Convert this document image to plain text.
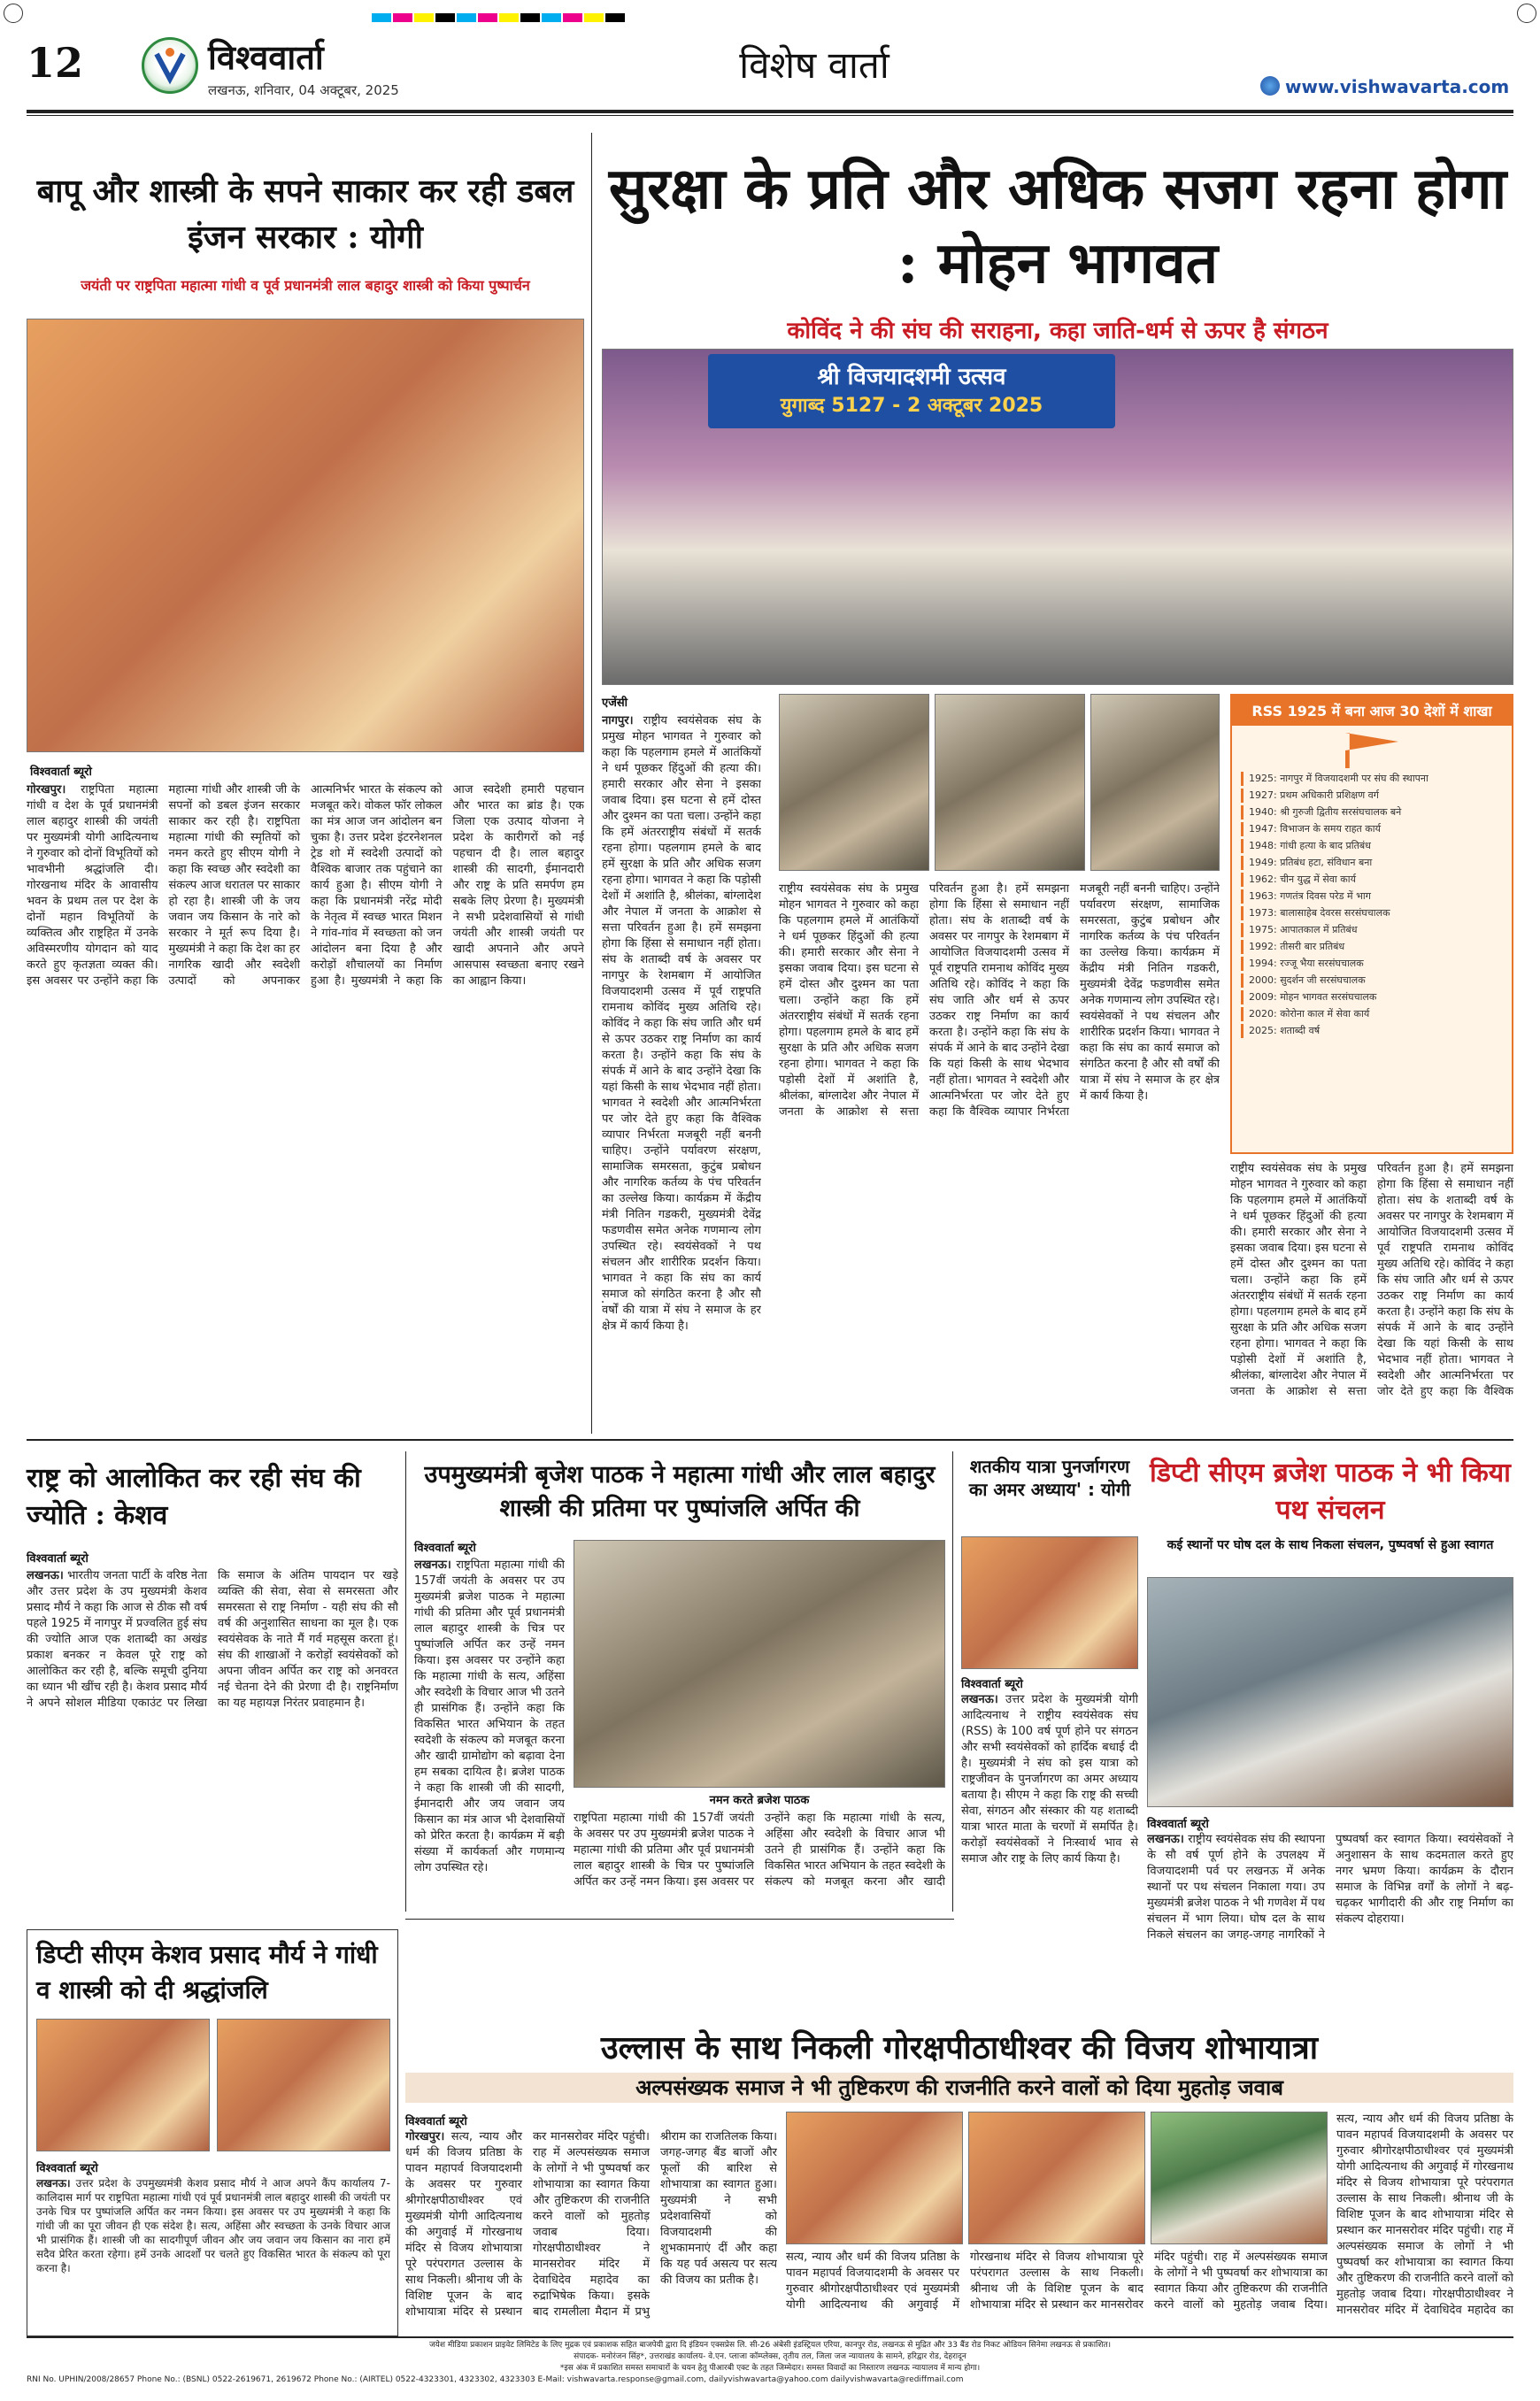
12	विश्ववार्ता
लखनऊ, शनिवार, 04 अक्टूबर, 2025
विशेष वार्ता	www.vishwavarta.com
बापू और शास्त्री के सपने साकार कर रही डबल इंजन सरकार : योगी
जयंती पर राष्ट्रपिता महात्मा गांधी व पूर्व प्रधानमंत्री लाल बहादुर शास्त्री को किया पुष्पार्चन
विश्ववार्ता ब्यूरो
गोरखपुर। राष्ट्रपिता महात्मा गांधी व देश के पूर्व प्रधानमंत्री लाल बहादुर शास्त्री की जयंती पर मुख्यमंत्री योगी आदित्यनाथ ने गुरुवार को दोनों विभूतियों को भावभीनी श्रद्धांजलि दी। गोरखनाथ मंदिर के आवासीय भवन के प्रथम तल पर देश के दोनों महान विभूतियों के व्यक्तित्व और राष्ट्रहित में उनके अविस्मरणीय योगदान को याद करते हुए कृतज्ञता व्यक्त की। इस अवसर पर उन्होंने कहा कि महात्मा गांधी और शास्त्री जी के सपनों को डबल इंजन सरकार साकार कर रही है। राष्ट्रपिता महात्मा गांधी की स्मृतियों को नमन करते हुए सीएम योगी ने कहा कि स्वच्छ और स्वदेशी का संकल्प आज धरातल पर साकार हो रहा है। शास्त्री जी के जय जवान जय किसान के नारे को सरकार ने मूर्त रूप दिया है। मुख्यमंत्री ने कहा कि देश का हर नागरिक खादी और स्वदेशी उत्पादों को अपनाकर आत्मनिर्भर भारत के संकल्प को मजबूत करे। वोकल फॉर लोकल का मंत्र आज जन आंदोलन बन चुका है। उत्तर प्रदेश इंटरनेशनल ट्रेड शो में स्वदेशी उत्पादों को वैश्विक बाजार तक पहुंचाने का कार्य हुआ है। सीएम योगी ने कहा कि प्रधानमंत्री नरेंद्र मोदी के नेतृत्व में स्वच्छ भारत मिशन ने गांव-गांव में स्वच्छता को जन आंदोलन बना दिया है और करोड़ों शौचालयों का निर्माण हुआ है। मुख्यमंत्री ने कहा कि आज स्वदेशी हमारी पहचान और भारत का ब्रांड है। एक जिला एक उत्पाद योजना ने प्रदेश के कारीगरों को नई पहचान दी है। लाल बहादुर शास्त्री की सादगी, ईमानदारी और राष्ट्र के प्रति समर्पण हम सबके लिए प्रेरणा है। मुख्यमंत्री ने सभी प्रदेशवासियों से गांधी जयंती और शास्त्री जयंती पर खादी अपनाने और अपने आसपास स्वच्छता बनाए रखने का आह्वान किया।
सुरक्षा के प्रति और अधिक सजग रहना होगा : मोहन भागवत
कोविंद ने की संघ की सराहना, कहा जाति-धर्म से ऊपर है संगठन
श्री विजयादशमी उत्सव
युगाब्द 5127 - 2 अक्टूबर 2025
एजेंसी
नागपुर। राष्ट्रीय स्वयंसेवक संघ के प्रमुख मोहन भागवत ने गुरुवार को कहा कि पहलगाम हमले में आतंकियों ने धर्म पूछकर हिंदुओं की हत्या की। हमारी सरकार और सेना ने इसका जवाब दिया। इस घटना से हमें दोस्त और दुश्मन का पता चला। उन्होंने कहा कि हमें अंतरराष्ट्रीय संबंधों में सतर्क रहना होगा। पहलगाम हमले के बाद हमें सुरक्षा के प्रति और अधिक सजग रहना होगा। भागवत ने कहा कि पड़ोसी देशों में अशांति है, श्रीलंका, बांग्लादेश और नेपाल में जनता के आक्रोश से सत्ता परिवर्तन हुआ है। हमें समझना होगा कि हिंसा से समाधान नहीं होता। संघ के शताब्दी वर्ष के अवसर पर नागपुर के रेशमबाग में आयोजित विजयादशमी उत्सव में पूर्व राष्ट्रपति रामनाथ कोविंद मुख्य अतिथि रहे। कोविंद ने कहा कि संघ जाति और धर्म से ऊपर उठकर राष्ट्र निर्माण का कार्य करता है। उन्होंने कहा कि संघ के संपर्क में आने के बाद उन्होंने देखा कि यहां किसी के साथ भेदभाव नहीं होता। भागवत ने स्वदेशी और आत्मनिर्भरता पर जोर देते हुए कहा कि वैश्विक व्यापार निर्भरता मजबूरी नहीं बननी चाहिए। उन्होंने पर्यावरण संरक्षण, सामाजिक समरसता, कुटुंब प्रबोधन और नागरिक कर्तव्य के पंच परिवर्तन का उल्लेख किया। कार्यक्रम में केंद्रीय मंत्री नितिन गडकरी, मुख्यमंत्री देवेंद्र फडणवीस समेत अनेक गणमान्य लोग उपस्थित रहे। स्वयंसेवकों ने पथ संचलन और शारीरिक प्रदर्शन किया। भागवत ने कहा कि संघ का कार्य समाज को संगठित करना है और सौ वर्षों की यात्रा में संघ ने समाज के हर क्षेत्र में कार्य किया है।
राष्ट्रीय स्वयंसेवक संघ के प्रमुख मोहन भागवत ने गुरुवार को कहा कि पहलगाम हमले में आतंकियों ने धर्म पूछकर हिंदुओं की हत्या की। हमारी सरकार और सेना ने इसका जवाब दिया। इस घटना से हमें दोस्त और दुश्मन का पता चला। उन्होंने कहा कि हमें अंतरराष्ट्रीय संबंधों में सतर्क रहना होगा। पहलगाम हमले के बाद हमें सुरक्षा के प्रति और अधिक सजग रहना होगा। भागवत ने कहा कि पड़ोसी देशों में अशांति है, श्रीलंका, बांग्लादेश और नेपाल में जनता के आक्रोश से सत्ता परिवर्तन हुआ है। हमें समझना होगा कि हिंसा से समाधान नहीं होता। संघ के शताब्दी वर्ष के अवसर पर नागपुर के रेशमबाग में आयोजित विजयादशमी उत्सव में पूर्व राष्ट्रपति रामनाथ कोविंद मुख्य अतिथि रहे। कोविंद ने कहा कि संघ जाति और धर्म से ऊपर उठकर राष्ट्र निर्माण का कार्य करता है। उन्होंने कहा कि संघ के संपर्क में आने के बाद उन्होंने देखा कि यहां किसी के साथ भेदभाव नहीं होता। भागवत ने स्वदेशी और आत्मनिर्भरता पर जोर देते हुए कहा कि वैश्विक व्यापार निर्भरता मजबूरी नहीं बननी चाहिए। उन्होंने पर्यावरण संरक्षण, सामाजिक समरसता, कुटुंब प्रबोधन और नागरिक कर्तव्य के पंच परिवर्तन का उल्लेख किया। कार्यक्रम में केंद्रीय मंत्री नितिन गडकरी, मुख्यमंत्री देवेंद्र फडणवीस समेत अनेक गणमान्य लोग उपस्थित रहे। स्वयंसेवकों ने पथ संचलन और शारीरिक प्रदर्शन किया। भागवत ने कहा कि संघ का कार्य समाज को संगठित करना है और सौ वर्षों की यात्रा में संघ ने समाज के हर क्षेत्र में कार्य किया है।
RSS 1925 में बना आज 30 देशों में शाखा
1925: नागपुर में विजयादशमी पर संघ की स्थापना
1927: प्रथम अधिकारी प्रशिक्षण वर्ग
1940: श्री गुरुजी द्वितीय सरसंघचालक बने
1947: विभाजन के समय राहत कार्य
1948: गांधी हत्या के बाद प्रतिबंध
1949: प्रतिबंध हटा, संविधान बना
1962: चीन युद्ध में सेवा कार्य
1963: गणतंत्र दिवस परेड में भाग
1973: बालासाहेब देवरस सरसंघचालक
1975: आपातकाल में प्रतिबंध
1992: तीसरी बार प्रतिबंध
1994: रज्जू भैया सरसंघचालक
2000: सुदर्शन जी सरसंघचालक
2009: मोहन भागवत सरसंघचालक
2020: कोरोना काल में सेवा कार्य
2025: शताब्दी वर्ष
राष्ट्रीय स्वयंसेवक संघ के प्रमुख मोहन भागवत ने गुरुवार को कहा कि पहलगाम हमले में आतंकियों ने धर्म पूछकर हिंदुओं की हत्या की। हमारी सरकार और सेना ने इसका जवाब दिया। इस घटना से हमें दोस्त और दुश्मन का पता चला। उन्होंने कहा कि हमें अंतरराष्ट्रीय संबंधों में सतर्क रहना होगा। पहलगाम हमले के बाद हमें सुरक्षा के प्रति और अधिक सजग रहना होगा। भागवत ने कहा कि पड़ोसी देशों में अशांति है, श्रीलंका, बांग्लादेश और नेपाल में जनता के आक्रोश से सत्ता परिवर्तन हुआ है। हमें समझना होगा कि हिंसा से समाधान नहीं होता। संघ के शताब्दी वर्ष के अवसर पर नागपुर के रेशमबाग में आयोजित विजयादशमी उत्सव में पूर्व राष्ट्रपति रामनाथ कोविंद मुख्य अतिथि रहे। कोविंद ने कहा कि संघ जाति और धर्म से ऊपर उठकर राष्ट्र निर्माण का कार्य करता है। उन्होंने कहा कि संघ के संपर्क में आने के बाद उन्होंने देखा कि यहां किसी के साथ भेदभाव नहीं होता। भागवत ने स्वदेशी और आत्मनिर्भरता पर जोर देते हुए कहा कि वैश्विक
राष्ट्र को आलोकित कर रही संघ की ज्योति : केशव
विश्ववार्ता ब्यूरो
लखनऊ। भारतीय जनता पार्टी के वरिष्ठ नेता और उत्तर प्रदेश के उप मुख्यमंत्री केशव प्रसाद मौर्य ने कहा कि आज से ठीक सौ वर्ष पहले 1925 में नागपुर में प्रज्वलित हुई संघ की ज्योति आज एक शताब्दी का अखंड प्रकाश बनकर न केवल पूरे राष्ट्र को आलोकित कर रही है, बल्कि समूची दुनिया का ध्यान भी खींच रही है। केशव प्रसाद मौर्य ने अपने सोशल मीडिया एकाउंट पर लिखा कि समाज के अंतिम पायदान पर खड़े व्यक्ति की सेवा, सेवा से समरसता और समरसता से राष्ट्र निर्माण - यही संघ की सौ वर्ष की अनुशासित साधना का मूल है। एक स्वयंसेवक के नाते मैं गर्व महसूस करता हूं। संघ की शाखाओं ने करोड़ों स्वयंसेवकों को अपना जीवन अर्पित कर राष्ट्र को अनवरत नई चेतना देने की प्रेरणा दी है। राष्ट्रनिर्माण का यह महायज्ञ निरंतर प्रवाहमान है।
डिप्टी सीएम केशव प्रसाद मौर्य ने गांधी व शास्त्री को दी श्रद्धांजलि
विश्ववार्ता ब्यूरो
लखनऊ। उत्तर प्रदेश के उपमुख्यमंत्री केशव प्रसाद मौर्य ने आज अपने कैंप कार्यालय 7-कालिदास मार्ग पर राष्ट्रपिता महात्मा गांधी एवं पूर्व प्रधानमंत्री लाल बहादुर शास्त्री की जयंती पर उनके चित्र पर पुष्पांजलि अर्पित कर नमन किया। इस अवसर पर उप मुख्यमंत्री ने कहा कि गांधी जी का पूरा जीवन ही एक संदेश है। सत्य, अहिंसा और स्वच्छता के उनके विचार आज भी प्रासंगिक हैं। शास्त्री जी का सादगीपूर्ण जीवन और जय जवान जय किसान का नारा हमें सदैव प्रेरित करता रहेगा। हमें उनके आदर्शों पर चलते हुए विकसित भारत के संकल्प को पूरा करना है।
उपमुख्यमंत्री बृजेश पाठक ने महात्मा गांधी और लाल बहादुर शास्त्री की प्रतिमा पर पुष्पांजलि अर्पित की
विश्ववार्ता ब्यूरो
लखनऊ। राष्ट्रपिता महात्मा गांधी की 157वीं जयंती के अवसर पर उप मुख्यमंत्री ब्रजेश पाठक ने महात्मा गांधी की प्रतिमा और पूर्व प्रधानमंत्री लाल बहादुर शास्त्री के चित्र पर पुष्पांजलि अर्पित कर उन्हें नमन किया। इस अवसर पर उन्होंने कहा कि महात्मा गांधी के सत्य, अहिंसा और स्वदेशी के विचार आज भी उतने ही प्रासंगिक हैं। उन्होंने कहा कि विकसित भारत अभियान के तहत स्वदेशी के संकल्प को मजबूत करना और खादी ग्रामोद्योग को बढ़ावा देना हम सबका दायित्व है। ब्रजेश पाठक ने कहा कि शास्त्री जी की सादगी, ईमानदारी और जय जवान जय किसान का मंत्र आज भी देशवासियों को प्रेरित करता है। कार्यक्रम में बड़ी संख्या में कार्यकर्ता और गणमान्य लोग उपस्थित रहे।
नमन करते ब्रजेश पाठक
राष्ट्रपिता महात्मा गांधी की 157वीं जयंती के अवसर पर उप मुख्यमंत्री ब्रजेश पाठक ने महात्मा गांधी की प्रतिमा और पूर्व प्रधानमंत्री लाल बहादुर शास्त्री के चित्र पर पुष्पांजलि अर्पित कर उन्हें नमन किया। इस अवसर पर उन्होंने कहा कि महात्मा गांधी के सत्य, अहिंसा और स्वदेशी के विचार आज भी उतने ही प्रासंगिक हैं। उन्होंने कहा कि विकसित भारत अभियान के तहत स्वदेशी के संकल्प को मजबूत करना और खादी
शतकीय यात्रा पुनर्जागरण का अमर अध्याय' : योगी
विश्ववार्ता ब्यूरो
लखनऊ। उत्तर प्रदेश के मुख्यमंत्री योगी आदित्यनाथ ने राष्ट्रीय स्वयंसेवक संघ (RSS) के 100 वर्ष पूर्ण होने पर संगठन और सभी स्वयंसेवकों को हार्दिक बधाई दी है। मुख्यमंत्री ने संघ को इस यात्रा को राष्ट्रजीवन के पुनर्जागरण का अमर अध्याय बताया है। सीएम ने कहा कि राष्ट्र की सच्ची सेवा, संगठन और संस्कार की यह शताब्दी यात्रा भारत माता के चरणों में समर्पित है। करोड़ों स्वयंसेवकों ने निःस्वार्थ भाव से समाज और राष्ट्र के लिए कार्य किया है।
डिप्टी सीएम ब्रजेश पाठक ने भी किया पथ संचलन
कई स्थानों पर घोष दल के साथ निकला संचलन, पुष्पवर्षा से हुआ स्वागत
विश्ववार्ता ब्यूरो
लखनऊ। राष्ट्रीय स्वयंसेवक संघ की स्थापना के सौ वर्ष पूर्ण होने के उपलक्ष्य में विजयादशमी पर्व पर लखनऊ में अनेक स्थानों पर पथ संचलन निकाला गया। उप मुख्यमंत्री ब्रजेश पाठक ने भी गणवेश में पथ संचलन में भाग लिया। घोष दल के साथ निकले संचलन का जगह-जगह नागरिकों ने पुष्पवर्षा कर स्वागत किया। स्वयंसेवकों ने अनुशासन के साथ कदमताल करते हुए नगर भ्रमण किया। कार्यक्रम के दौरान समाज के विभिन्न वर्गों के लोगों ने बढ़-चढ़कर भागीदारी की और राष्ट्र निर्माण का संकल्प दोहराया।
उल्लास के साथ निकली गोरक्षपीठाधीश्वर की विजय शोभायात्रा
अल्पसंख्यक समाज ने भी तुष्टिकरण की राजनीति करने वालों को दिया मुहतोड़ जवाब
विश्ववार्ता ब्यूरो
गोरखपुर। सत्य, न्याय और धर्म की विजय प्रतिष्ठा के पावन महापर्व विजयादशमी के अवसर पर गुरुवार श्रीगोरक्षपीठाधीश्वर एवं मुख्यमंत्री योगी आदित्यनाथ की अगुवाई में गोरखनाथ मंदिर से विजय शोभायात्रा पूरे परंपरागत उल्लास के साथ निकली। श्रीनाथ जी के विशिष्ट पूजन के बाद शोभायात्रा मंदिर से प्रस्थान कर मानसरोवर मंदिर पहुंची। राह में अल्पसंख्यक समाज के लोगों ने भी पुष्पवर्षा कर शोभायात्रा का स्वागत किया और तुष्टिकरण की राजनीति करने वालों को मुहतोड़ जवाब दिया। गोरक्षपीठाधीश्वर ने मानसरोवर मंदिर में देवाधिदेव महादेव का रुद्राभिषेक किया। इसके बाद रामलीला मैदान में प्रभु श्रीराम का राजतिलक किया। जगह-जगह बैंड बाजों और फूलों की बारिश से शोभायात्रा का स्वागत हुआ। मुख्यमंत्री ने सभी प्रदेशवासियों को विजयादशमी की शुभकामनाएं दीं और कहा कि यह पर्व असत्य पर सत्य की विजय का प्रतीक है।
सत्य, न्याय और धर्म की विजय प्रतिष्ठा के पावन महापर्व विजयादशमी के अवसर पर गुरुवार श्रीगोरक्षपीठाधीश्वर एवं मुख्यमंत्री योगी आदित्यनाथ की अगुवाई में गोरखनाथ मंदिर से विजय शोभायात्रा पूरे परंपरागत उल्लास के साथ निकली। श्रीनाथ जी के विशिष्ट पूजन के बाद शोभायात्रा मंदिर से प्रस्थान कर मानसरोवर मंदिर पहुंची। राह में अल्पसंख्यक समाज के लोगों ने भी पुष्पवर्षा कर शोभायात्रा का स्वागत किया और तुष्टिकरण की राजनीति करने वालों को मुहतोड़ जवाब दिया।
सत्य, न्याय और धर्म की विजय प्रतिष्ठा के पावन महापर्व विजयादशमी के अवसर पर गुरुवार श्रीगोरक्षपीठाधीश्वर एवं मुख्यमंत्री योगी आदित्यनाथ की अगुवाई में गोरखनाथ मंदिर से विजय शोभायात्रा पूरे परंपरागत उल्लास के साथ निकली। श्रीनाथ जी के विशिष्ट पूजन के बाद शोभायात्रा मंदिर से प्रस्थान कर मानसरोवर मंदिर पहुंची। राह में अल्पसंख्यक समाज के लोगों ने भी पुष्पवर्षा कर शोभायात्रा का स्वागत किया और तुष्टिकरण की राजनीति करने वालों को मुहतोड़ जवाब दिया। गोरक्षपीठाधीश्वर ने मानसरोवर मंदिर में देवाधिदेव महादेव का
जयेश मीडिया प्रकाशन प्राइवेट लिमिटेड के लिए मुद्रक एवं प्रकाशक सहित बाजपेयी द्वारा दि इंडियन एक्सप्रेस लि. सी-26 अंबेसी इंडस्ट्रियल एरिया, कानपुर रोड, लखनऊ से मुद्रित और 33 बैंड रोड निकट ओडियन सिनेमा लखनऊ से प्रकाशित।
संपादक- मनोरंजन सिंह*, उत्तराखंड कार्यालय- वे.एन. प्लाजा कॉम्प्लेक्स, तृतीय तल, जिला जज न्यायालय के सामने, हरिद्वार रोड, देहरादून
*इस अंक में प्रकाशित समस्त समाचारों के चयन हेतु पीआरबी एक्ट के तहत जिम्मेदार। समस्त विवादों का निस्तारण लखनऊ न्यायालय में मान्य होगा।
RNI No. UPHIN/2008/28657 Phone No.: (BSNL) 0522-2619671, 2619672 Phone No.: (AIRTEL) 0522-4323301, 4323302, 4323303 E-Mail: vishwavarta.response@gmail.com, dailyvishwavarta@yahoo.com dailyvishwavarta@rediffmail.com
